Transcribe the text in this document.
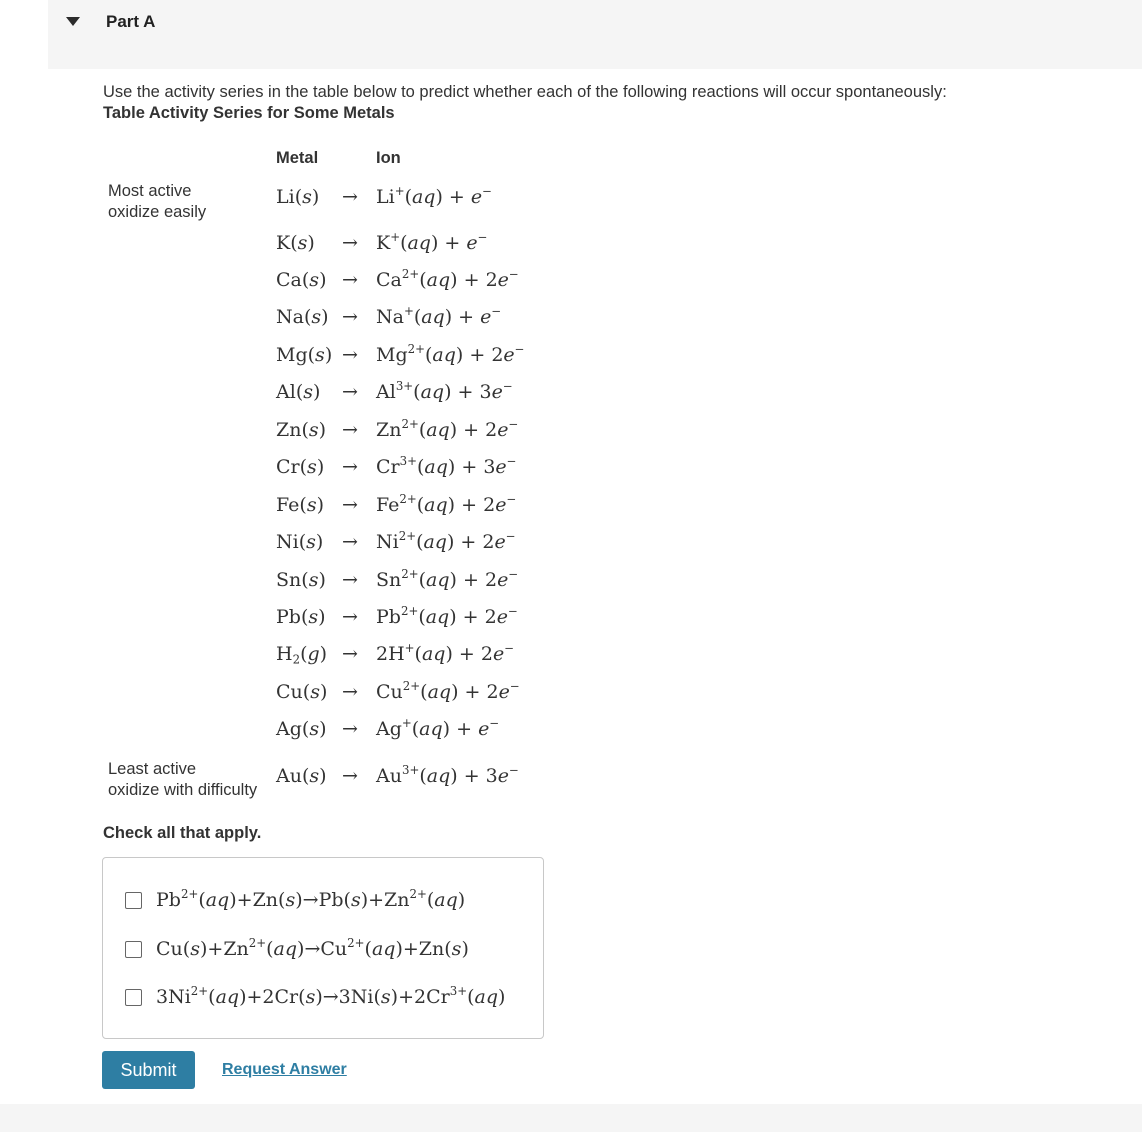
Part A
Use the activity series in the table below to predict whether each of the following reactions will occur spontaneously:
Table Activity Series for Some Metals
Metal	Ion
Most active
oxidize easily
Least active
oxidize with difficulty
Li(s) → Li+(aq) + e−
K(s) → K+(aq) + e−
$Ca(s) \to Ca^{2+}(aq) + 2e^-$
Na(s) → Na+(aq) + e−
$Mg(s) \to Mg^{2+}(aq) + 2e^-$
$Al(s) \to Al^{3+}(aq) + 3e^-$
$Zn(s) \to Zn^{2+}(aq) + 2e^-$
$Cr(s) \to Cr^{3+}(aq) + 3e^-$
$Fe(s) \to Fe^{2+}(aq) + 2e^-$
$Ni(s) \to Ni^{2+}(aq) + 2e^-$
$Sn(s) \to Sn^{2+}(aq) + 2e^-$
$Pb(s) \to Pb^{2+}(aq) + 2e^-$
$H_2(g) \to 2H^+(aq) + 2e^-$
$Cu(s) \to Cu^{2+}(aq) + 2e^-$
Ag(s) → Ag+(aq) + e−
$Au(s) \to Au^{3+}(aq) + 3e^-$
Check all that apply.
$Pb^{2+}(aq)+Zn(s)\to Pb(s)+Zn^{2+}(aq)$
$Cu(s)+Zn^{2+}(aq)\to Cu^{2+}(aq)+Zn(s)$
$3Ni^{2+}(aq)+2Cr(s)\to 3Ni(s)+2Cr^{3+}(aq)$
Submit	Request Answer
